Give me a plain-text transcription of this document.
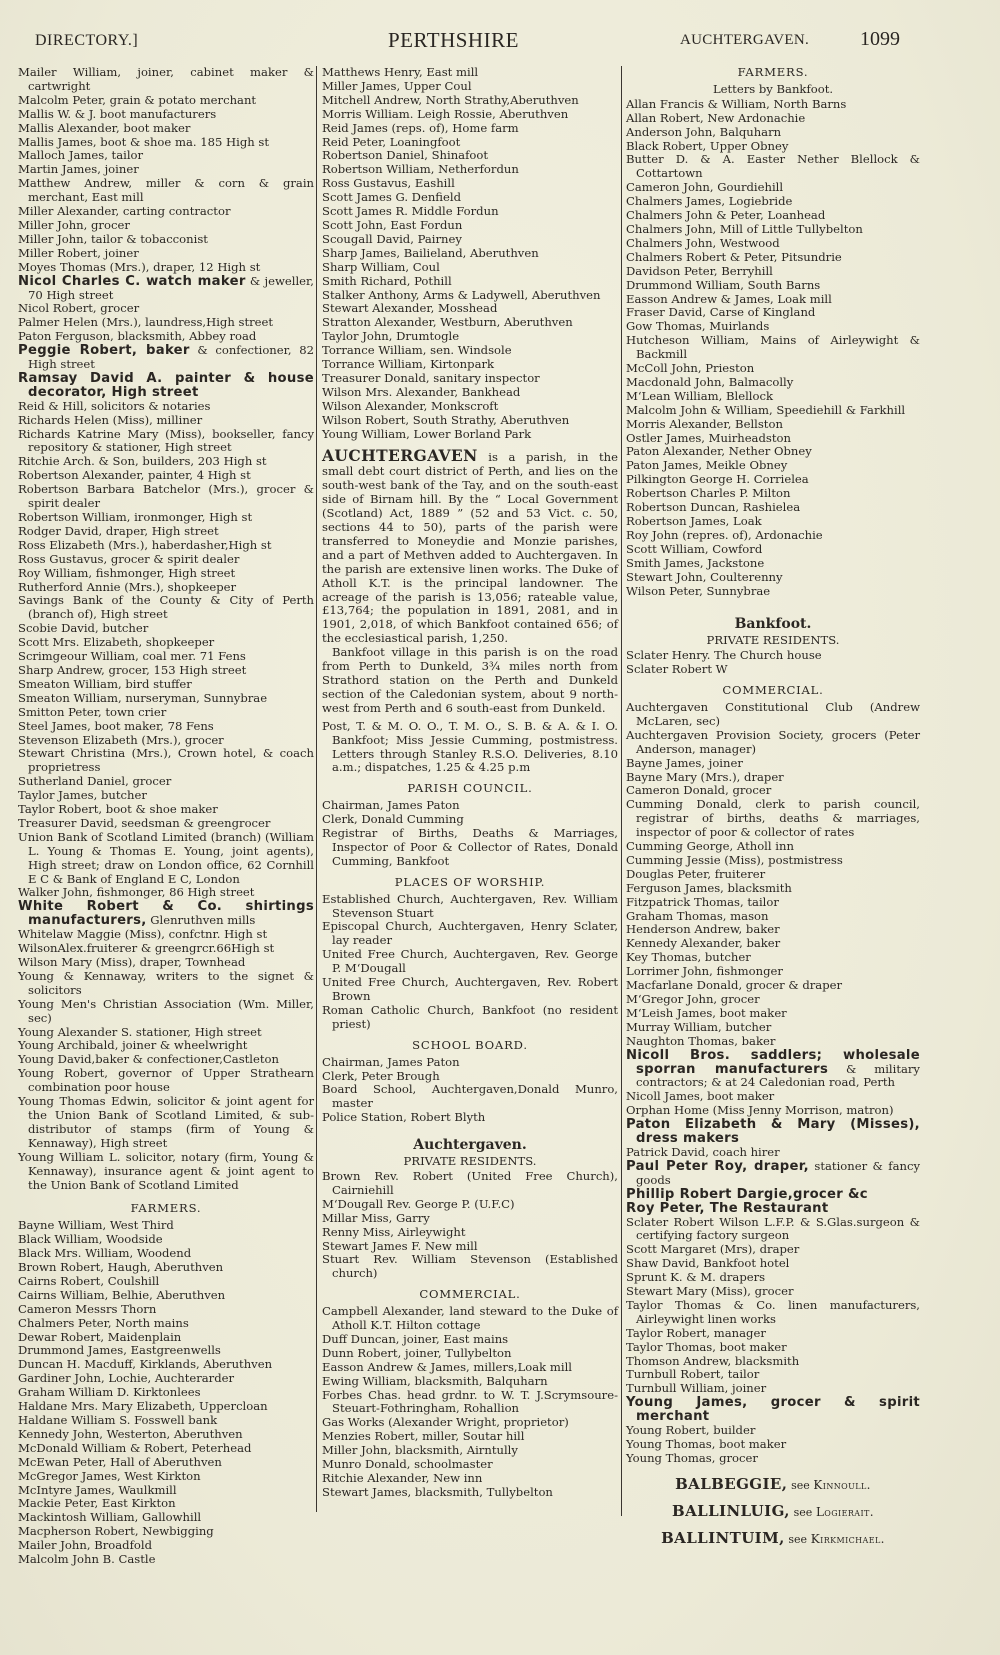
DIRECTORY.]	PERTHSHIRE	AUCHTERGAVEN.	1099
Mailer William, joiner, cabinet maker & cartwright
Malcolm Peter, grain & potato merchant
Mallis W. & J. boot manufacturers
Mallis Alexander, boot maker
Mallis James, boot & shoe ma. 185 High st
Malloch James, tailor
Martin James, joiner
Matthew Andrew, miller & corn & grain merchant, East mill
Miller Alexander, carting contractor
Miller John, grocer
Miller John, tailor & tobacconist
Miller Robert, joiner
Moyes Thomas (Mrs.), draper, 12 High st
Nicol Charles C. watch maker & jeweller, 70 High street
Nicol Robert, grocer
Palmer Helen (Mrs.), laundress,High street
Paton Ferguson, blacksmith, Abbey road
Peggie Robert, baker & confectioner, 82 High street
Ramsay David A. painter & house decorator, High street
Reid & Hill, solicitors & notaries
Richards Helen (Miss), milliner
Richards Katrine Mary (Miss), bookseller, fancy repository & stationer, High street
Ritchie Arch. & Son, builders, 203 High st
Robertson Alexander, painter, 4 High st
Robertson Barbara Batchelor (Mrs.), grocer & spirit dealer
Robertson William, ironmonger, High st
Rodger David, draper, High street
Ross Elizabeth (Mrs.), haberdasher,High st
Ross Gustavus, grocer & spirit dealer
Roy William, fishmonger, High street
Rutherford Annie (Mrs.), shopkeeper
Savings Bank of the County & City of Perth (branch of), High street
Scobie David, butcher
Scott Mrs. Elizabeth, shopkeeper
Scrimgeour William, coal mer. 71 Fens
Sharp Andrew, grocer, 153 High street
Smeaton William, bird stuffer
Smeaton William, nurseryman, Sunnybrae
Smitton Peter, town crier
Steel James, boot maker, 78 Fens
Stevenson Elizabeth (Mrs.), grocer
Stewart Christina (Mrs.), Crown hotel, & coach proprietress
Sutherland Daniel, grocer
Taylor James, butcher
Taylor Robert, boot & shoe maker
Treasurer David, seedsman & greengrocer
Union Bank of Scotland Limited (branch) (William L. Young & Thomas E. Young, joint agents), High street; draw on London office, 62 Cornhill E C & Bank of England E C, London
Walker John, fishmonger, 86 High street
White Robert & Co. shirtings manufacturers, Glenruthven mills
Whitelaw Maggie (Miss), confctnr. High st
WilsonAlex.fruiterer & greengrcr.66High st
Wilson Mary (Miss), draper, Townhead
Young & Kennaway, writers to the signet & solicitors
Young Men's Christian Association (Wm. Miller, sec)
Young Alexander S. stationer, High street
Young Archibald, joiner & wheelwright
Young David,baker & confectioner,Castleton
Young Robert, governor of Upper Strathearn combination poor house
Young Thomas Edwin, solicitor & joint agent for the Union Bank of Scotland Limited, & sub-distributor of stamps (firm of Young & Kennaway), High street
Young William L. solicitor, notary (firm, Young & Kennaway), insurance agent & joint agent to the Union Bank of Scotland Limited
FARMERS.
Bayne William, West Third
Black William, Woodside
Black Mrs. William, Woodend
Brown Robert, Haugh, Aberuthven
Cairns Robert, Coulshill
Cairns William, Belhie, Aberuthven
Cameron Messrs Thorn
Chalmers Peter, North mains
Dewar Robert, Maidenplain
Drummond James, Eastgreenwells
Duncan H. Macduff, Kirklands, Aberuthven
Gardiner John, Lochie, Auchterarder
Graham William D. Kirktonlees
Haldane Mrs. Mary Elizabeth, Uppercloan
Haldane William S. Fosswell bank
Kennedy John, Westerton, Aberuthven
McDonald William & Robert, Peterhead
McEwan Peter, Hall of Aberuthven
McGregor James, West Kirkton
McIntyre James, Waulkmill
Mackie Peter, East Kirkton
Mackintosh William, Gallowhill
Macpherson Robert, Newbigging
Mailer John, Broadfold
Malcolm John B. Castle
Matthews Henry, East mill
Miller James, Upper Coul
Mitchell Andrew, North Strathy,Aberuthven
Morris William. Leigh Rossie, Aberuthven
Reid James (reps. of), Home farm
Reid Peter, Loaningfoot
Robertson Daniel, Shinafoot
Robertson William, Netherfordun
Ross Gustavus, Eashill
Scott James G. Denfield
Scott James R. Middle Fordun
Scott John, East Fordun
Scougall David, Pairney
Sharp James, Bailieland, Aberuthven
Sharp William, Coul
Smith Richard, Pothill
Stalker Anthony, Arms & Ladywell, Aberuthven
Stewart Alexander, Mosshead
Stratton Alexander, Westburn, Aberuthven
Taylor John, Drumtogle
Torrance William, sen. Windsole
Torrance William, Kirtonpark
Treasurer Donald, sanitary inspector
Wilson Mrs. Alexander, Bankhead
Wilson Alexander, Monkscroft
Wilson Robert, South Strathy, Aberuthven
Young William, Lower Borland Park
AUCHTERGAVEN is a parish, in the small debt court district of Perth, and lies on the south-west bank of the Tay, and on the south-east side of Birnam hill. By the “ Local Government (Scotland) Act, 1889 ” (52 and 53 Vict. c. 50, sections 44 to 50), parts of the parish were transferred to Moneydie and Monzie parishes, and a part of Methven added to Auchtergaven. In the parish are extensive linen works. The Duke of Atholl K.T. is the principal landowner. The acreage of the parish is 13,056; rateable value, £13,764; the population in 1891, 2081, and in 1901, 2,018, of which Bankfoot contained 656; of the ecclesiastical parish, 1,250.
Bankfoot village in this parish is on the road from Perth to Dunkeld, 3¾ miles north from Strathord station on the Perth and Dunkeld section of the Caledonian system, about 9 north-west from Perth and 6 south-east from Dunkeld.
Post, T. & M. O. O., T. M. O., S. B. & A. & I. O. Bankfoot; Miss Jessie Cumming, postmistress. Letters through Stanley R.S.O. Deliveries, 8.10 a.m.; dispatches, 1.25 & 4.25 p.m
PARISH COUNCIL.
Chairman, James Paton
Clerk, Donald Cumming
Registrar of Births, Deaths & Marriages, Inspector of Poor & Collector of Rates, Donald Cumming, Bankfoot
PLACES OF WORSHIP.
Established Church, Auchtergaven, Rev. William Stevenson Stuart
Episcopal Church, Auchtergaven, Henry Sclater, lay reader
United Free Church, Auchtergaven, Rev. George P. M‘Dougall
United Free Church, Auchtergaven, Rev. Robert Brown
Roman Catholic Church, Bankfoot (no resident priest)
SCHOOL BOARD.
Chairman, James Paton
Clerk, Peter Brough
Board School, Auchtergaven,Donald Munro, master
Police Station, Robert Blyth
Auchtergaven.
PRIVATE RESIDENTS.
Brown Rev. Robert (United Free Church), Cairniehill
M‘Dougall Rev. George P. (U.F.C)
Millar Miss, Garry
Renny Miss, Airleywight
Stewart James F. New mill
Stuart Rev. William Stevenson (Established church)
COMMERCIAL.
Campbell Alexander, land steward to the Duke of Atholl K.T. Hilton cottage
Duff Duncan, joiner, East mains
Dunn Robert, joiner, Tullybelton
Easson Andrew & James, millers,Loak mill
Ewing William, blacksmith, Balquharn
Forbes Chas. head grdnr. to W. T. J.Scrymsoure-Steuart-Fothringham, Rohallion
Gas Works (Alexander Wright, proprietor)
Menzies Robert, miller, Soutar hill
Miller John, blacksmith, Airntully
Munro Donald, schoolmaster
Ritchie Alexander, New inn
Stewart James, blacksmith, Tullybelton
FARMERS.
Letters by Bankfoot.
Allan Francis & William, North Barns
Allan Robert, New Ardonachie
Anderson John, Balquharn
Black Robert, Upper Obney
Butter D. & A. Easter Nether Blellock & Cottartown
Cameron John, Gourdiehill
Chalmers James, Logiebride
Chalmers John & Peter, Loanhead
Chalmers John, Mill of Little Tullybelton
Chalmers John, Westwood
Chalmers Robert & Peter, Pitsundrie
Davidson Peter, Berryhill
Drummond William, South Barns
Easson Andrew & James, Loak mill
Fraser David, Carse of Kingland
Gow Thomas, Muirlands
Hutcheson William, Mains of Airleywight & Backmill
McColl John, Prieston
Macdonald John, Balmacolly
M‘Lean William, Blellock
Malcolm John & William, Speediehill & Farkhill
Morris Alexander, Bellston
Ostler James, Muirheadston
Paton Alexander, Nether Obney
Paton James, Meikle Obney
Pilkington George H. Corrielea
Robertson Charles P. Milton
Robertson Duncan, Rashielea
Robertson James, Loak
Roy John (repres. of), Ardonachie
Scott William, Cowford
Smith James, Jackstone
Stewart John, Coulterenny
Wilson Peter, Sunnybrae
Bankfoot.
PRIVATE RESIDENTS.
Sclater Henry. The Church house
Sclater Robert W
COMMERCIAL.
Auchtergaven Constitutional Club (Andrew McLaren, sec)
Auchtergaven Provision Society, grocers (Peter Anderson, manager)
Bayne James, joiner
Bayne Mary (Mrs.), draper
Cameron Donald, grocer
Cumming Donald, clerk to parish council, registrar of births, deaths & marriages, inspector of poor & collector of rates
Cumming George, Atholl inn
Cumming Jessie (Miss), postmistress
Douglas Peter, fruiterer
Ferguson James, blacksmith
Fitzpatrick Thomas, tailor
Graham Thomas, mason
Henderson Andrew, baker
Kennedy Alexander, baker
Key Thomas, butcher
Lorrimer John, fishmonger
Macfarlane Donald, grocer & draper
M‘Gregor John, grocer
M‘Leish James, boot maker
Murray William, butcher
Naughton Thomas, baker
Nicoll Bros. saddlers; wholesale sporran manufacturers & military contractors; & at 24 Caledonian road, Perth
Nicoll James, boot maker
Orphan Home (Miss Jenny Morrison, matron)
Paton Elizabeth & Mary (Misses), dress makers
Patrick David, coach hirer
Paul Peter Roy, draper, stationer & fancy goods
Phillip Robert Dargie,grocer &c
Roy Peter, The Restaurant
Sclater Robert Wilson L.F.P. & S.Glas.surgeon & certifying factory surgeon
Scott Margaret (Mrs), draper
Shaw David, Bankfoot hotel
Sprunt K. & M. drapers
Stewart Mary (Miss), grocer
Taylor Thomas & Co. linen manufacturers, Airleywight linen works
Taylor Robert, manager
Taylor Thomas, boot maker
Thomson Andrew, blacksmith
Turnbull Robert, tailor
Turnbull William, joiner
Young James, grocer & spirit merchant
Young Robert, builder
Young Thomas, boot maker
Young Thomas, grocer
BALBEGGIE, see Kinnoull.
BALLINLUIG, see Logierait.
BALLINTUIM, see Kirkmichael.
